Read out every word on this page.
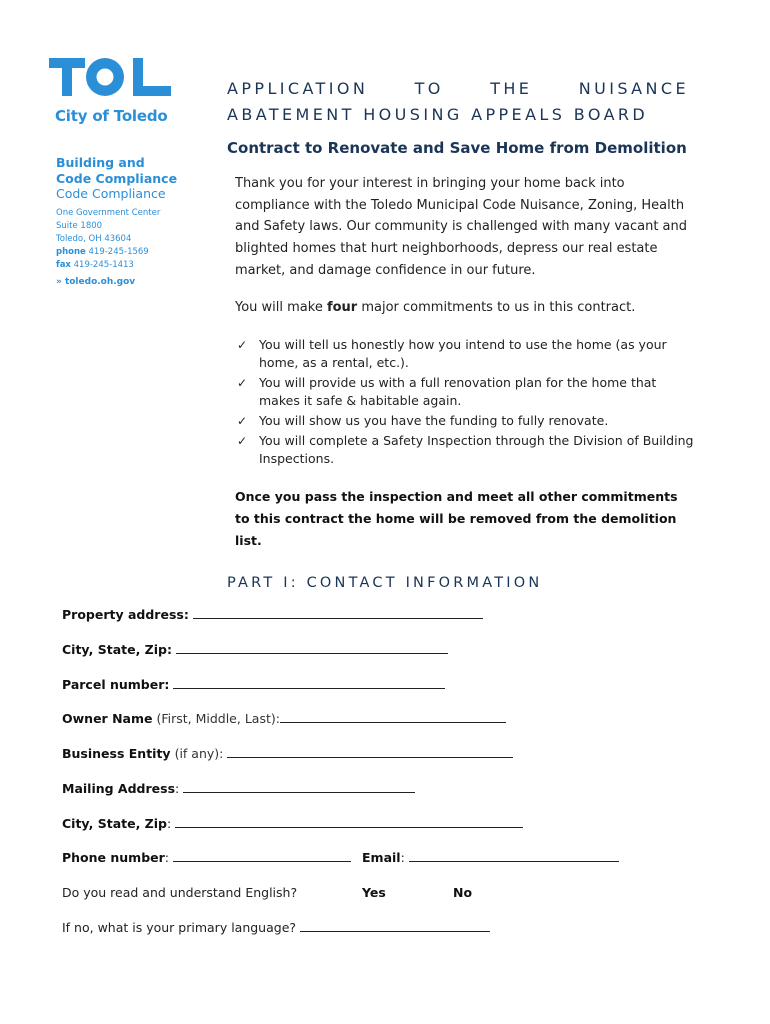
City of Toledo
Building and
Code Compliance
Code Compliance
One Government Center
Suite 1800
Toledo, OH 43604
phone 419-245-1569
fax 419-245-1413
» toledo.oh.gov
APPLICATION	TO	THE	NUISANCE
ABATEMENT HOUSING APPEALS BOARD
Contract to Renovate and Save Home from Demolition
Thank you for your interest in bringing your home back into compliance with the Toledo Municipal Code Nuisance, Zoning, Health and Safety laws. Our community is challenged with many vacant and blighted homes that hurt neighborhoods, depress our real estate market, and damage confidence in our future.
You will make four major commitments to us in this contract.
✓ You will tell us honestly how you intend to use the home (as your home, as a rental, etc.).
✓ You will provide us with a full renovation plan for the home that makes it safe & habitable again.
✓ You will show us you have the funding to fully renovate.
✓ You will complete a Safety Inspection through the Division of Building Inspections.
Once you pass the inspection and meet all other commitments to this contract the home will be removed from the demolition list.
PART I: CONTACT INFORMATION
Property address:
City, State, Zip:
Parcel number:
Owner Name (First, Middle, Last):
Business Entity (if any):
Mailing Address:
City, State, Zip:
Phone number:	Email:
Do you read and understand English?	Yes	No
If no, what is your primary language?
